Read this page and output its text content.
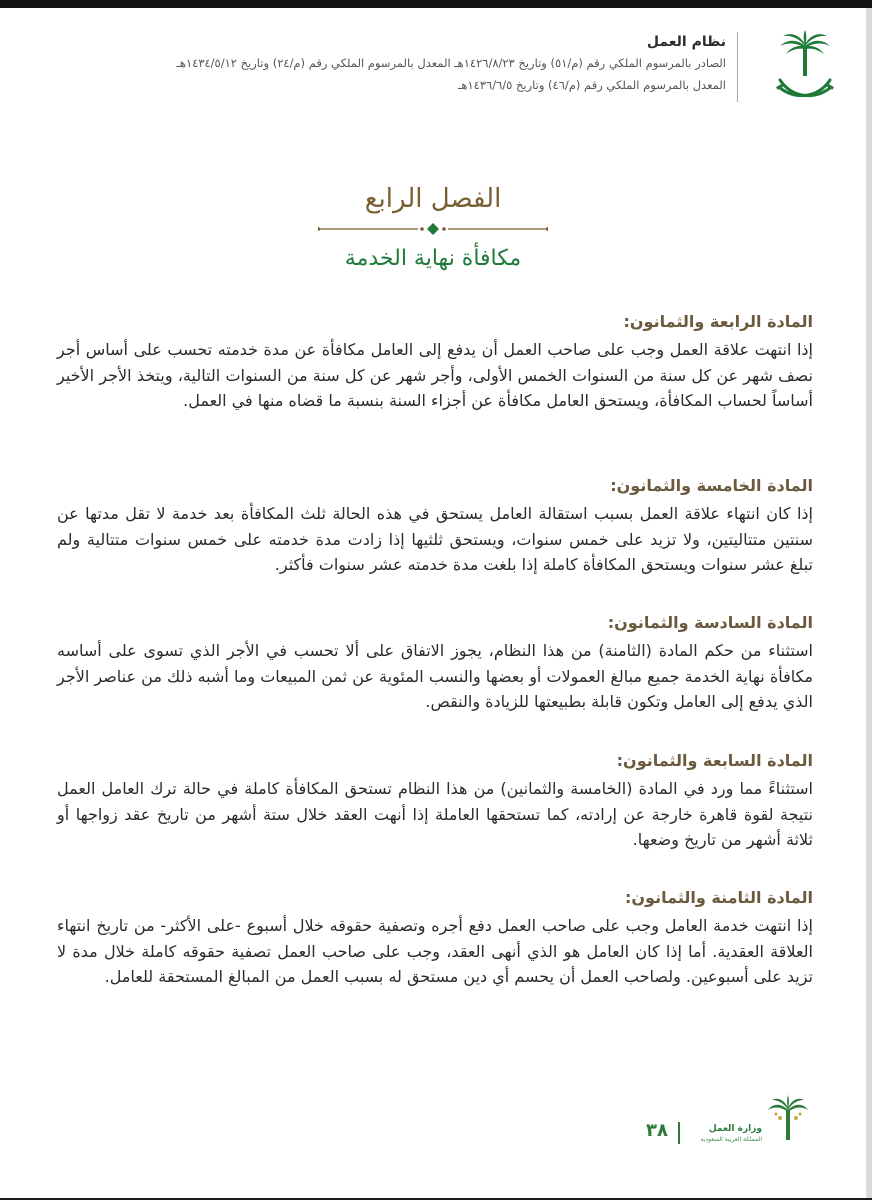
نظام العمل

الصادر بالمرسوم الملكي رقم (م/٥١) وتاريخ ١٤٢٦/٨/٢٣هـ المعدل بالمرسوم الملكي رقم (م/٢٤) وتاريخ ١٤٣٤/٥/١٢هـ

المعدل بالمرسوم الملكي رقم (م/٤٦) وتاريخ ١٤٣٦/٦/٥هـ

الفصل الرابع

مكافأة نهاية الخدمة

المادة الرابعة والثمانون:

إذا انتهت علاقة العمل وجب على صاحب العمل أن يدفع إلى العامل مكافأة عن مدة خدمته تحسب على أساس أجر نصف شهر عن كل سنة من السنوات الخمس الأولى، وأجر شهر عن كل سنة من السنوات التالية، ويتخذ الأجر الأخير أساساً لحساب المكافأة، ويستحق العامل مكافأة عن أجزاء السنة بنسبة ما قضاه منها في العمل.

المادة الخامسة والثمانون:

إذا كان انتهاء علاقة العمل بسبب استقالة العامل يستحق في هذه الحالة ثلث المكافأة بعد خدمة لا تقل مدتها عن سنتين متتاليتين، ولا تزيد على خمس سنوات، ويستحق ثلثيها إذا زادت مدة خدمته على خمس سنوات متتالية ولم تبلغ عشر سنوات ويستحق المكافأة كاملة إذا بلغت مدة خدمته عشر سنوات فأكثر.

المادة السادسة والثمانون:

استثناء من حكم المادة (الثامنة) من هذا النظام، يجوز الاتفاق على ألا تحسب في الأجر الذي تسوى على أساسه مكافأة نهاية الخدمة جميع مبالغ العمولات أو بعضها والنسب المئوية عن ثمن المبيعات وما أشبه ذلك من عناصر الأجر الذي يدفع إلى العامل وتكون قابلة بطبيعتها للزيادة والنقص.

المادة السابعة والثمانون:

استثناءً مما ورد في المادة (الخامسة والثمانين) من هذا النظام تستحق المكافأة كاملة في حالة ترك العامل العمل نتيجة لقوة قاهرة خارجة عن إرادته، كما تستحقها العاملة إذا أنهت العقد خلال ستة أشهر من تاريخ عقد زواجها أو ثلاثة أشهر من تاريخ وضعها.

المادة الثامنة والثمانون:

إذا انتهت خدمة العامل وجب على صاحب العمل دفع أجره وتصفية حقوقه خلال أسبوع -على الأكثر- من تاريخ انتهاء العلاقة العقدية. أما إذا كان العامل هو الذي أنهى العقد، وجب على صاحب العمل تصفية حقوقه كاملة خلال مدة لا تزيد على أسبوعين. ولصاحب العمل أن يحسم أي دين مستحق له بسبب العمل من المبالغ المستحقة للعامل.

وزارة العمل
المملكة العربية السعودية
٣٨
